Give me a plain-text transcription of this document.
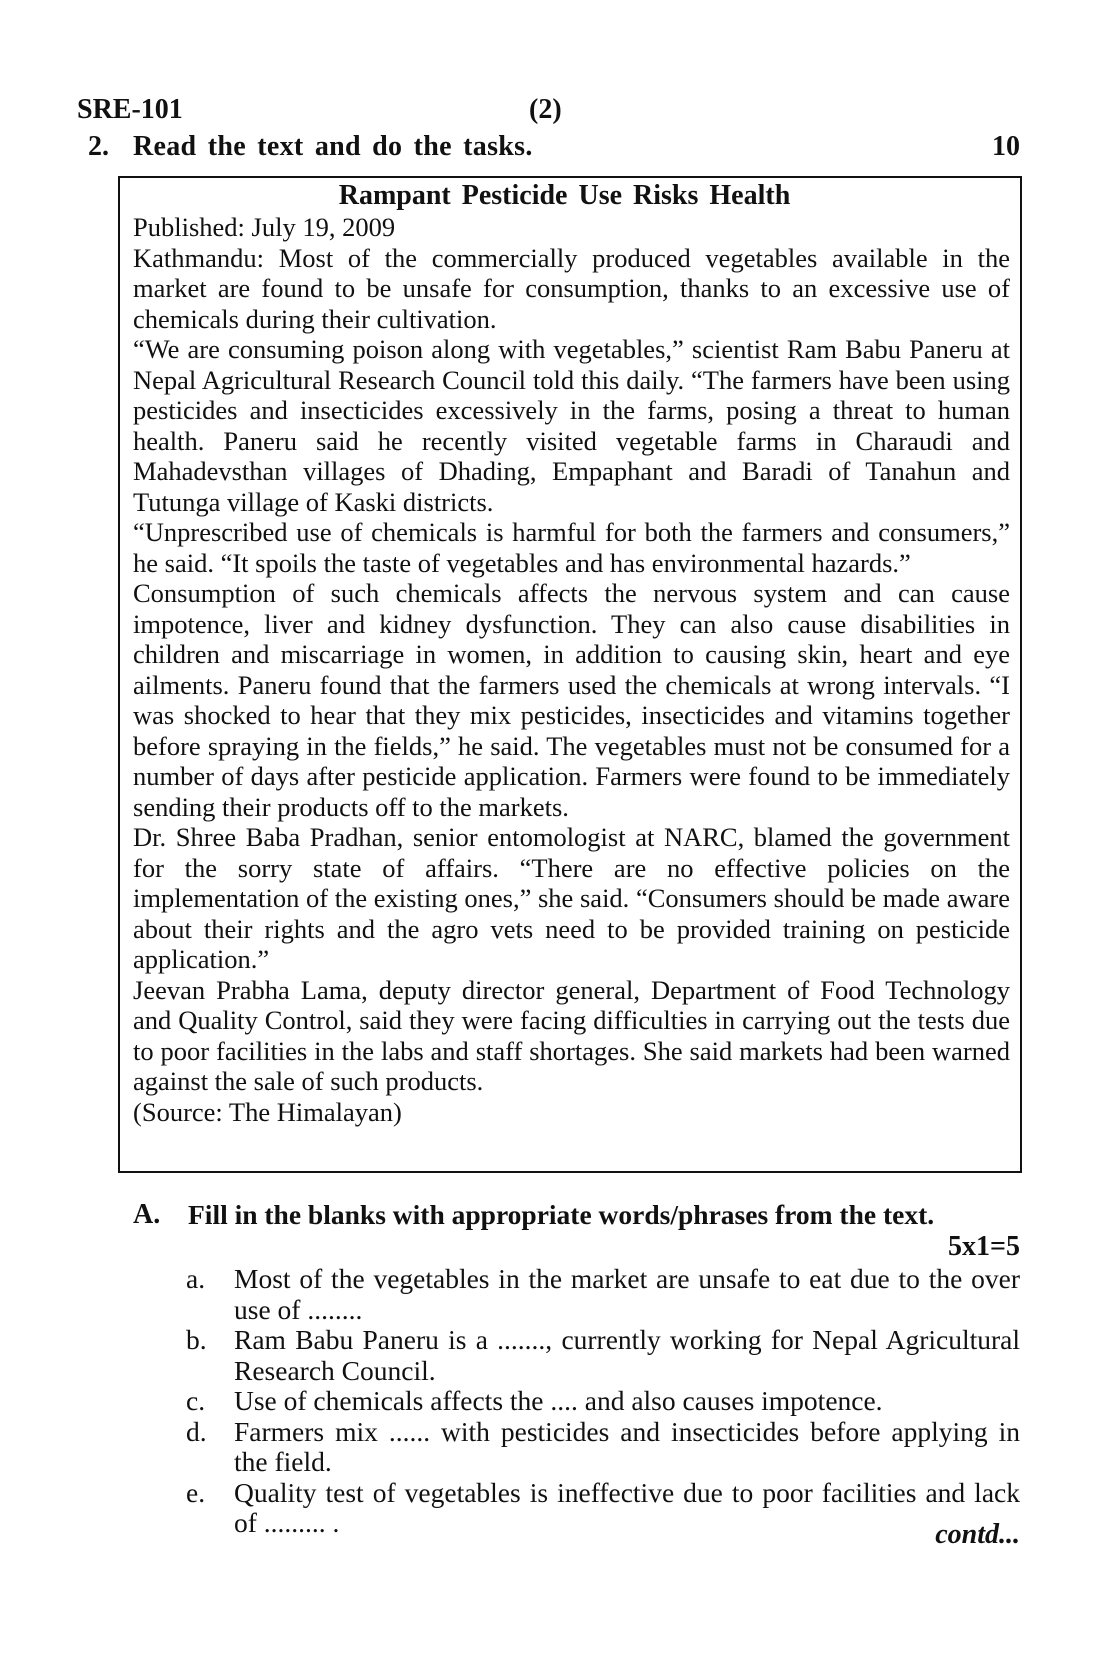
SRE-101	(2)
2. Read the text and do the tasks.	10

Rampant Pesticide Use Risks Health

Published: July 19, 2009

Kathmandu: Most of the commercially produced vegetables available in the market are found to be unsafe for consumption, thanks to an excessive use of chemicals during their cultivation.

“We are consuming poison along with vegetables,” scientist Ram Babu Paneru at Nepal Agricultural Research Council told this daily. “The farmers have been using pesticides and insecticides excessively in the farms, posing a threat to human health. Paneru said he recently visited vegetable farms in Charaudi and Mahadevsthan villages of Dhading, Empaphant and Baradi of Tanahun and Tutunga village of Kaski districts.

“Unprescribed use of chemicals is harmful for both the farmers and consumers,” he said. “It spoils the taste of vegetables and has environmental hazards.”

Consumption of such chemicals affects the nervous system and can cause impotence, liver and kidney dysfunction. They can also cause disabilities in children and miscarriage in women, in addition to causing skin, heart and eye ailments. Paneru found that the farmers used the chemicals at wrong intervals. “I was shocked to hear that they mix pesticides, insecticides and vitamins together before spraying in the fields,” he said. The vegetables must not be consumed for a number of days after pesticide application. Farmers were found to be immediately sending their products off to the markets.

Dr. Shree Baba Pradhan, senior entomologist at NARC, blamed the government for the sorry state of affairs. “There are no effective policies on the implementation of the existing ones,” she said. “Consumers should be made aware about their rights and the agro vets need to be provided training on pesticide application.”

Jeevan Prabha Lama, deputy director general, Department of Food Technology and Quality Control, said they were facing difficulties in carrying out the tests due to poor facilities in the labs and staff shortages. She said markets had been warned against the sale of such products.

(Source: The Himalayan)

A. Fill in the blanks with appropriate words/phrases from the text.
5x1=5
a.	Most of the vegetables in the market are unsafe to eat due to the over use of ........
b. Ram Babu Paneru is a ......., currently working for Nepal Agricultural Research Council.
c.	Use of chemicals affects the .... and also causes impotence.
d. Farmers mix ...... with pesticides and insecticides before applying in the field.
e.	Quality test of vegetables is ineffective due to poor facilities and lack of ......... .	contd...
